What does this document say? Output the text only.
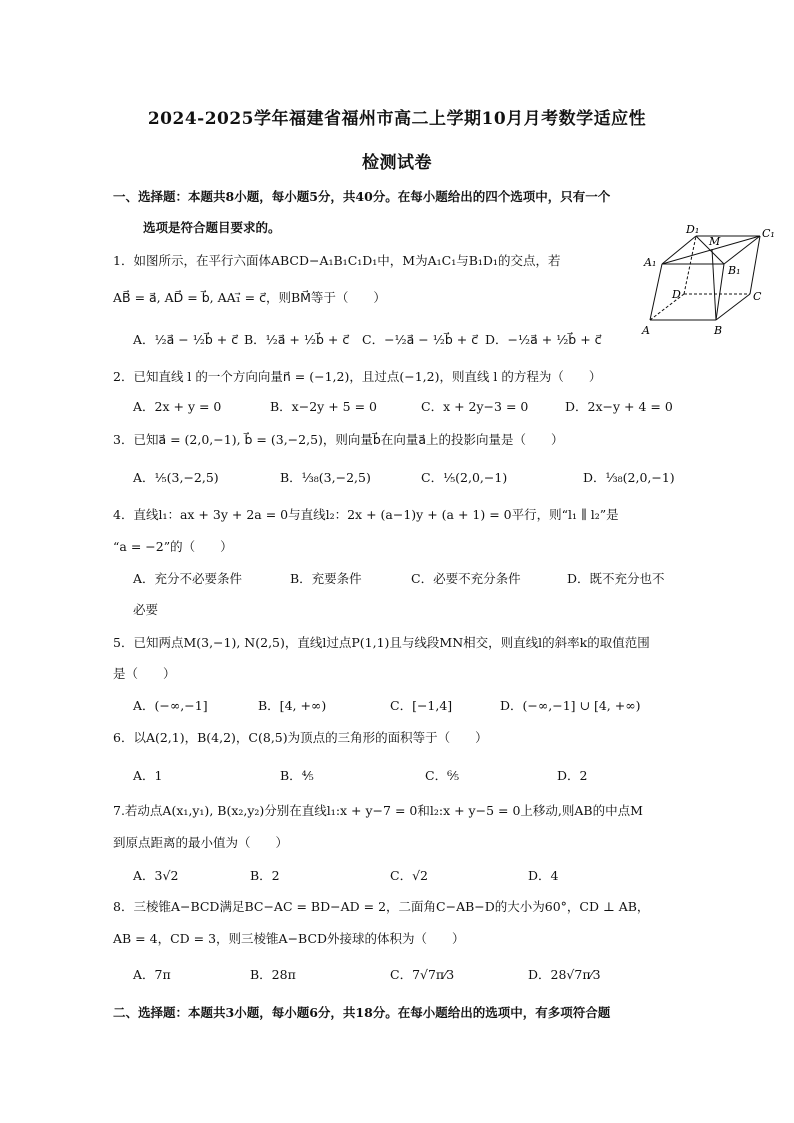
2024-2025学年福建省福州市高二上学期10月月考数学适应性
检测试卷
一、选择题：本题共8小题，每小题5分，共40分。在每小题给出的四个选项中，只有一个
选项是符合题目要求的。
1．如图所示，在平行六面体ABCD−A₁B₁C₁D₁中，M为A₁C₁与B₁D₁的交点，若
AB⃗ = a⃗, AD⃗ = b⃗, AA₁⃗ = c⃗，则BM⃗等于（　　）
A．½a⃗ − ½b⃗ + c⃗ B．½a⃗ + ½b⃗ + c⃗ C．−½a⃗ − ½b⃗ + c⃗ D．−½a⃗ + ½b⃗ + c⃗
D₁
M
C₁
A₁
B₁
D	C
A	B
2．已知直线 l 的一个方向向量n⃗ = (−1,2)，且过点(−1,2)，则直线 l 的方程为（　　）
A．2x + y = 0	B．x−2y + 5 = 0	C．x + 2y−3 = 0	D．2x−y + 4 = 0
3．已知a⃗ = (2,0,−1), b⃗ = (3,−2,5)，则向量b⃗在向量a⃗上的投影向量是（　　）
A．⅕(3,−2,5)	B．¹⁄₃₈(3,−2,5)	C．⅕(2,0,−1)	D．¹⁄₃₈(2,0,−1)
4．直线l₁：ax + 3y + 2a = 0与直线l₂：2x + (a−1)y + (a + 1) = 0平行，则“l₁ ∥ l₂”是
“a = −2”的（　　）
A．充分不必要条件	B．充要条件	C．必要不充分条件	D．既不充分也不
必要
5．已知两点M(3,−1), N(2,5)，直线l过点P(1,1)且与线段MN相交，则直线l的斜率k的取值范围
是（　　）
A．(−∞,−1]	B．[4, +∞)	C．[−1,4]	D．(−∞,−1] ∪ [4, +∞)
6．以A(2,1)，B(4,2)，C(8,5)为顶点的三角形的面积等于（　　）
A．1	B．⁴⁄₅	C．⁶⁄₅	D．2
7.若动点A(x₁,y₁), B(x₂,y₂)分别在直线l₁:x + y−7 = 0和l₂:x + y−5 = 0上移动,则AB的中点M
到原点距离的最小值为（　　）
A．3√2	B．2	C．√2	D．4
8．三棱锥A−BCD满足BC−AC = BD−AD = 2，二面角C−AB−D的大小为60°，CD ⊥ AB，
AB = 4，CD = 3，则三棱锥A−BCD外接球的体积为（　　）
A．7π	B．28π	C．7√7π⁄3	D．28√7π⁄3
二、选择题：本题共3小题，每小题6分，共18分。在每小题给出的选项中，有多项符合题
